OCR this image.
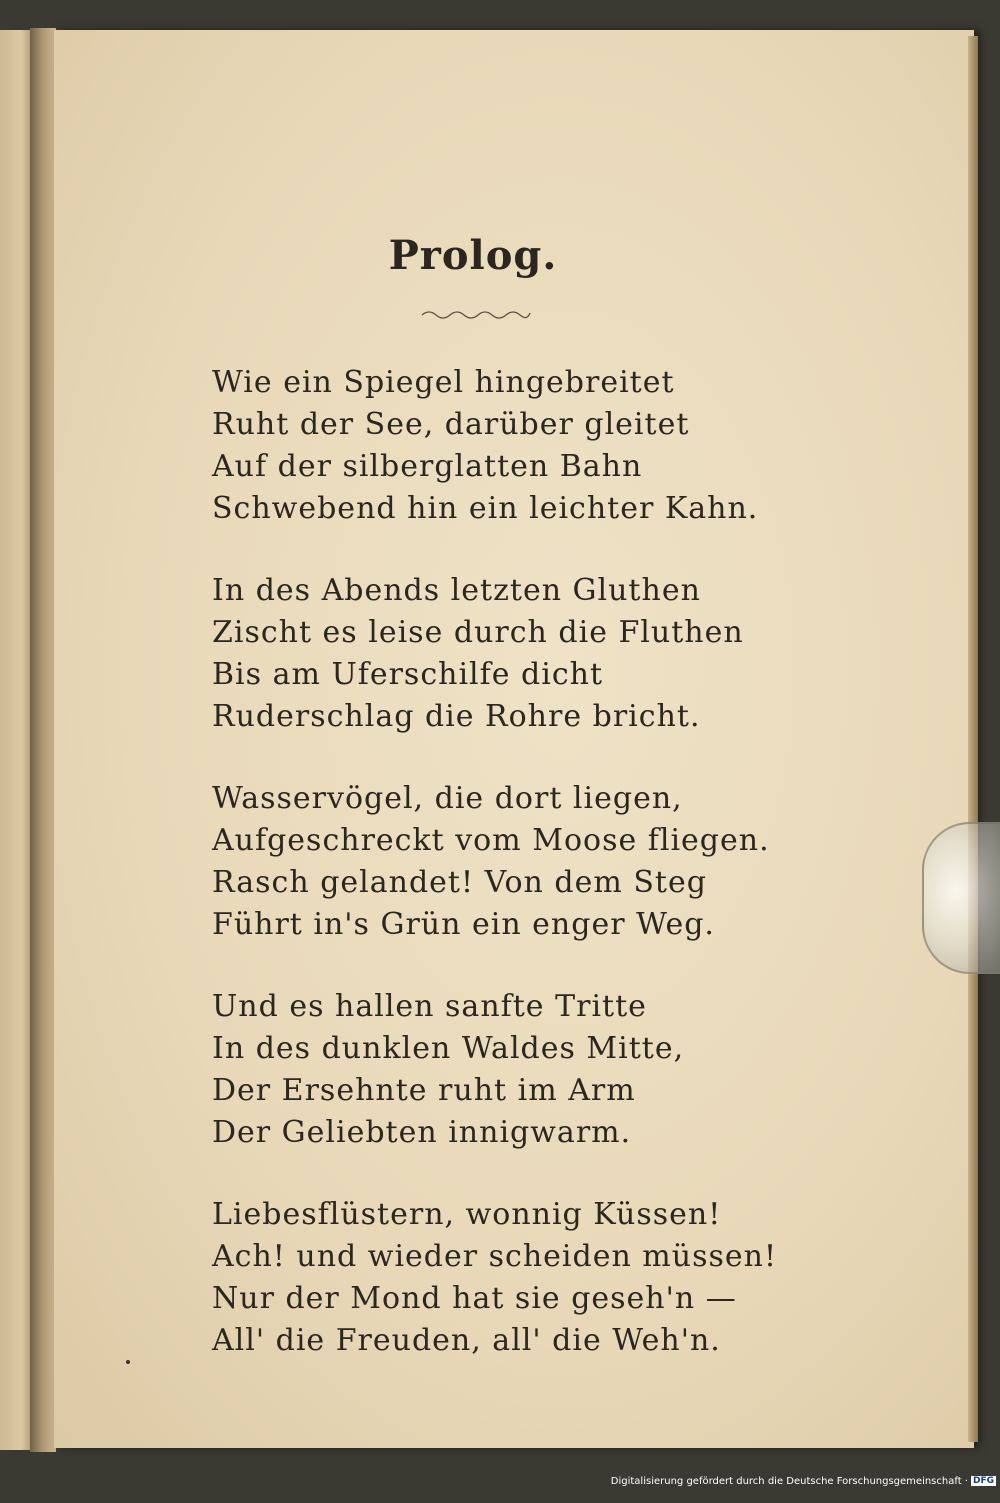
Prolog.
Wie ein Spiegel hingebreitet
Ruht der See, darüber gleitet
Auf der silberglatten Bahn
Schwebend hin ein leichter Kahn.
In des Abends letzten Gluthen
Zischt es leise durch die Fluthen
Bis am Uferschilfe dicht
Ruderschlag die Rohre bricht.
Wasservögel, die dort liegen,
Aufgeschreckt vom Moose fliegen.
Rasch gelandet! Von dem Steg
Führt in's Grün ein enger Weg.
Und es hallen sanfte Tritte
In des dunklen Waldes Mitte,
Der Ersehnte ruht im Arm
Der Geliebten innigwarm.
Liebesflüstern, wonnig Küssen!
Ach! und wieder scheiden müssen!
Nur der Mond hat sie geseh'n —
All' die Freuden, all' die Weh'n.
Digitalisierung gefördert durch die Deutsche Forschungsgemeinschaft · DFG
